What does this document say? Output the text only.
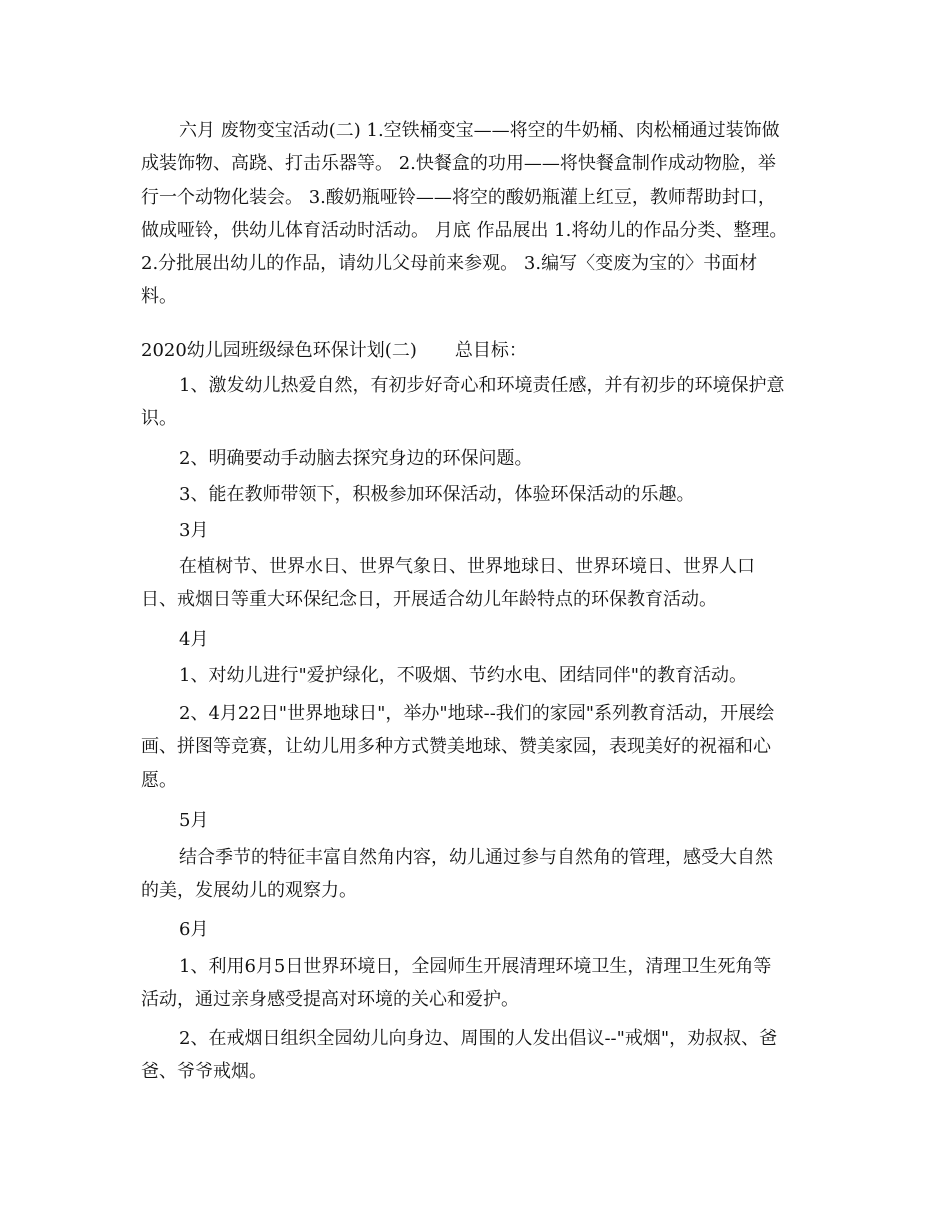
六月 废物变宝活动(二) 1.空铁桶变宝——将空的牛奶桶、肉松桶通过装饰做
成装饰物、高跷、打击乐器等。 2.快餐盒的功用——将快餐盒制作成动物脸，举
行一个动物化装会。 3.酸奶瓶哑铃——将空的酸奶瓶灌上红豆，教师帮助封口，
做成哑铃，供幼儿体育活动时活动。 月底 作品展出 1.将幼儿的作品分类、整理。
2.分批展出幼儿的作品，请幼儿父母前来参观。 3.编写〈变废为宝的〉书面材
料。
2020幼儿园班级绿色环保计划(二) 总目标：
1、激发幼儿热爱自然，有初步好奇心和环境责任感，并有初步的环境保护意
识。
2、明确要动手动脑去探究身边的环保问题。
3、能在教师带领下，积极参加环保活动，体验环保活动的乐趣。
3月
在植树节、世界水日、世界气象日、世界地球日、世界环境日、世界人口
日、戒烟日等重大环保纪念日，开展适合幼儿年龄特点的环保教育活动。
4月
1、对幼儿进行"爱护绿化，不吸烟、节约水电、团结同伴"的教育活动。
2、4月22日"世界地球日"，举办"地球--我们的家园"系列教育活动，开展绘
画、拼图等竞赛，让幼儿用多种方式赞美地球、赞美家园，表现美好的祝福和心
愿。
5月
结合季节的特征丰富自然角内容，幼儿通过参与自然角的管理，感受大自然
的美，发展幼儿的观察力。
6月
1、利用6月5日世界环境日，全园师生开展清理环境卫生，清理卫生死角等
活动，通过亲身感受提高对环境的关心和爱护。
2、在戒烟日组织全园幼儿向身边、周围的人发出倡议--"戒烟"，劝叔叔、爸
爸、爷爷戒烟。
